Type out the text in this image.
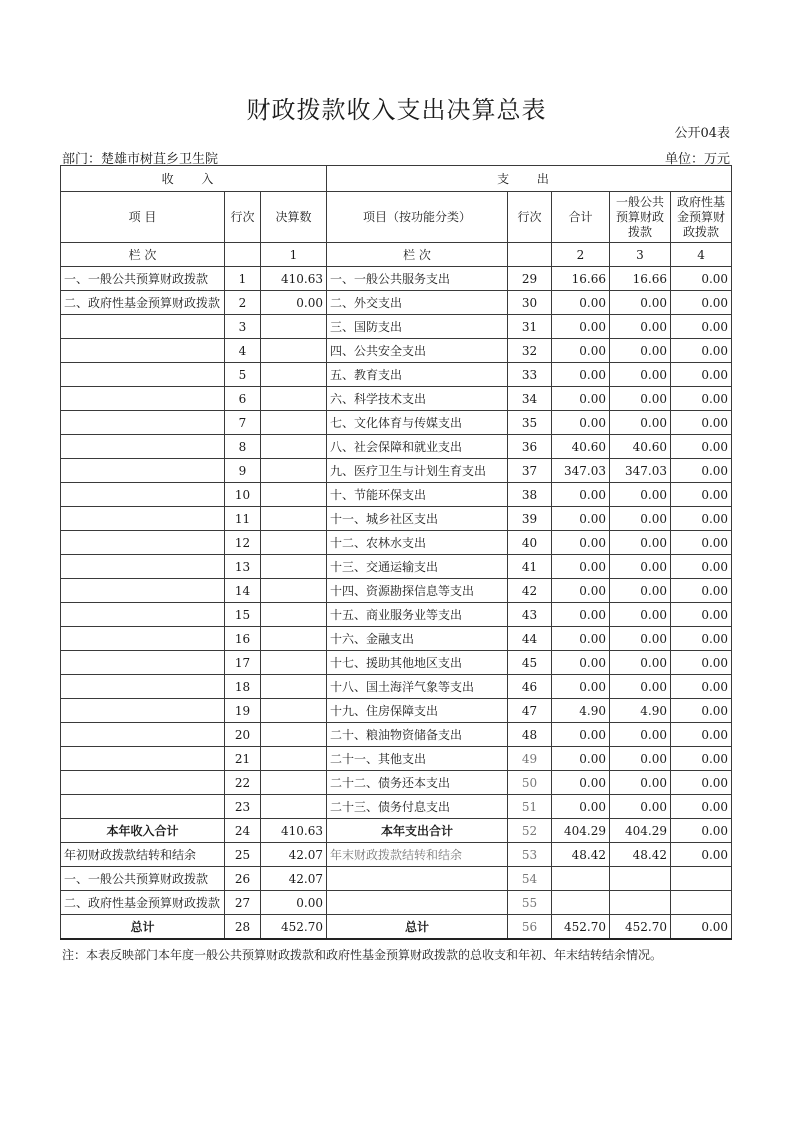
财政拨款收入支出决算总表
公开04表
部门：楚雄市树苴乡卫生院	单位：万元
收 入			支 出				
项 目	行次	决算数	项目（按功能分类）	行次	合计	一般公共预算财政拨款	政府性基金预算财政拨款
栏 次		1	栏 次		2	3	4
一、一般公共预算财政拨款	1	410.63	一、一般公共服务支出	29	16.66	16.66	0.00
二、政府性基金预算财政拨款	2	0.00	二、外交支出	30	0.00	0.00	0.00
	3		三、国防支出	31	0.00	0.00	0.00
	4		四、公共安全支出	32	0.00	0.00	0.00
	5		五、教育支出	33	0.00	0.00	0.00
	6		六、科学技术支出	34	0.00	0.00	0.00
	7		七、文化体育与传媒支出	35	0.00	0.00	0.00
	8		八、社会保障和就业支出	36	40.60	40.60	0.00
	9		九、医疗卫生与计划生育支出	37	347.03	347.03	0.00
	10		十、节能环保支出	38	0.00	0.00	0.00
	11		十一、城乡社区支出	39	0.00	0.00	0.00
	12		十二、农林水支出	40	0.00	0.00	0.00
	13		十三、交通运输支出	41	0.00	0.00	0.00
	14		十四、资源勘探信息等支出	42	0.00	0.00	0.00
	15		十五、商业服务业等支出	43	0.00	0.00	0.00
	16		十六、金融支出	44	0.00	0.00	0.00
	17		十七、援助其他地区支出	45	0.00	0.00	0.00
	18		十八、国土海洋气象等支出	46	0.00	0.00	0.00
	19		十九、住房保障支出	47	4.90	4.90	0.00
	20		二十、粮油物资储备支出	48	0.00	0.00	0.00
	21		二十一、其他支出	49	0.00	0.00	0.00
	22		二十二、债务还本支出	50	0.00	0.00	0.00
	23		二十三、债务付息支出	51	0.00	0.00	0.00
本年收入合计	24	410.63	本年支出合计	52	404.29	404.29	0.00
年初财政拨款结转和结余	25	42.07	年末财政拨款结转和结余	53	48.42	48.42	0.00
一、一般公共预算财政拨款	26	42.07		54			
二、政府性基金预算财政拨款	27	0.00		55			
总计	28	452.70	总计	56	452.70	452.70	0.00
注：本表反映部门本年度一般公共预算财政拨款和政府性基金预算财政拨款的总收支和年初、年末结转结余情况。
